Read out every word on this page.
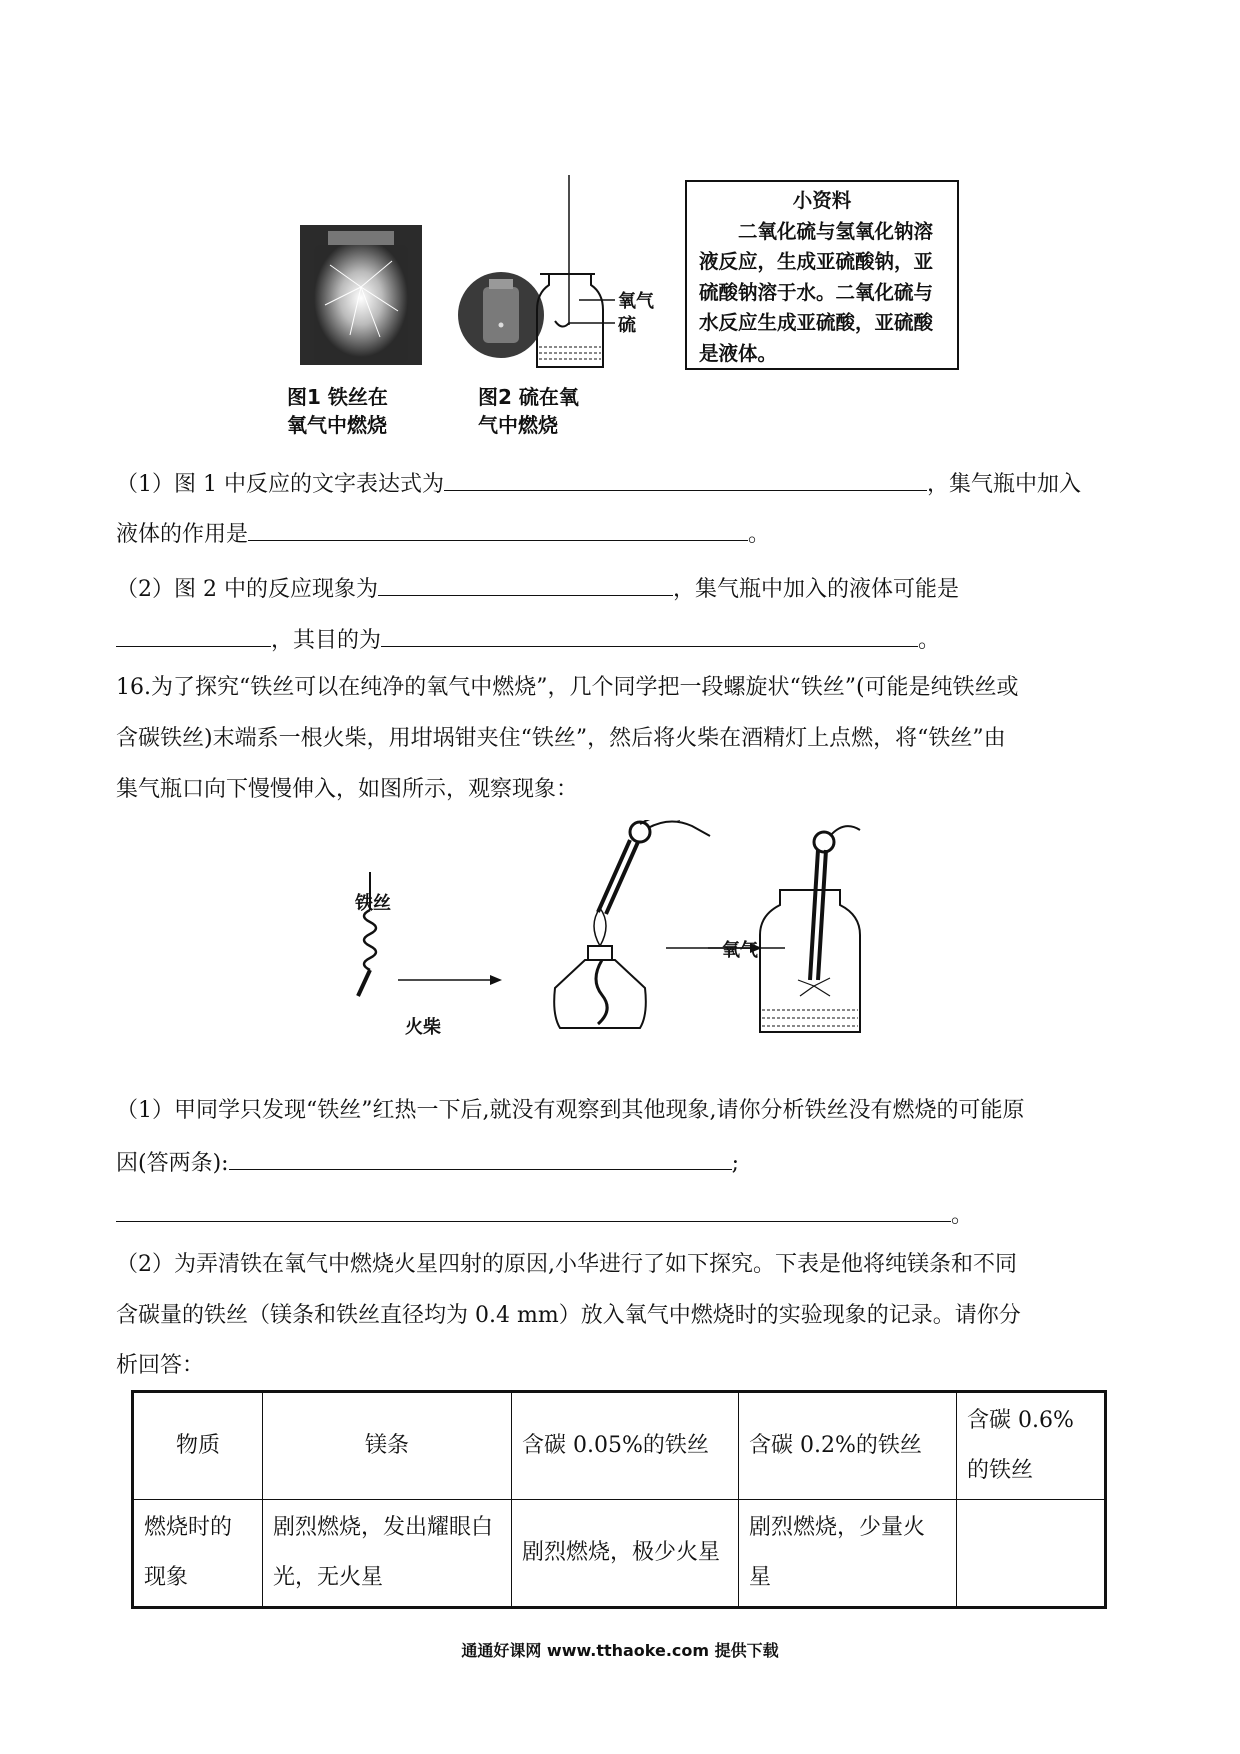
图1 铁丝在
氧气中燃烧
氧气
硫
图2 硫在氧
气中燃烧
小资料
二氧化硫与氢氧化钠溶液反应，生成亚硫酸钠，亚硫酸钠溶于水。二氧化硫与水反应生成亚硫酸，亚硫酸是液体。
（1）图 1 中反应的文字表达式为	，集气瓶中加入
液体的作用是	。
（2）图 2 中的反应现象为	，集气瓶中加入的液体可能是
，其目的为	。
16.为了探究“铁丝可以在纯净的氧气中燃烧”，几个同学把一段螺旋状“铁丝”(可能是纯铁丝或
含碳铁丝)末端系一根火柴，用坩埚钳夹住“铁丝”，然后将火柴在酒精灯上点燃，将“铁丝”由
集气瓶口向下慢慢伸入，如图所示，观察现象：
铁丝
火柴
氧气
（1）甲同学只发现“铁丝”红热一下后,就没有观察到其他现象,请你分析铁丝没有燃烧的可能原
因(答两条):	;
。
（2）为弄清铁在氧气中燃烧火星四射的原因,小华进行了如下探究。下表是他将纯镁条和不同
含碳量的铁丝（镁条和铁丝直径均为 0.4 mm）放入氧气中燃烧时的实验现象的记录。请你分
析回答：
物质	镁条	含碳 0.05%的铁丝	含碳 0.2%的铁丝	含碳 0.6%的铁丝
燃烧时的现象	剧烈燃烧，发出耀眼白光，无火星	剧烈燃烧，极少火星	剧烈燃烧，少量火星	
通通好课网 www.tthaoke.com 提供下载
